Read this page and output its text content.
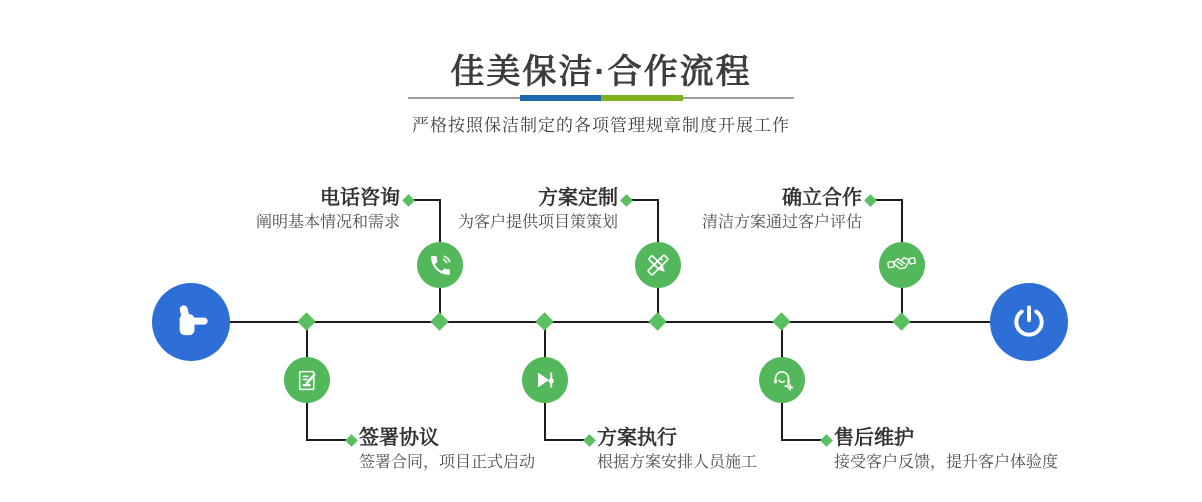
佳美保洁·合作流程

严格按照保洁制定的各项管理规章制度开展工作

电话咨询
阐明基本情况和需求
签署协议
签署合同，项目正式启动
方案定制
为客户提供项目策策划
方案执行
根据方案安排人员施工
确立合作
清洁方案通过客户评估
售后维护
接受客户反馈，提升客户体验度
